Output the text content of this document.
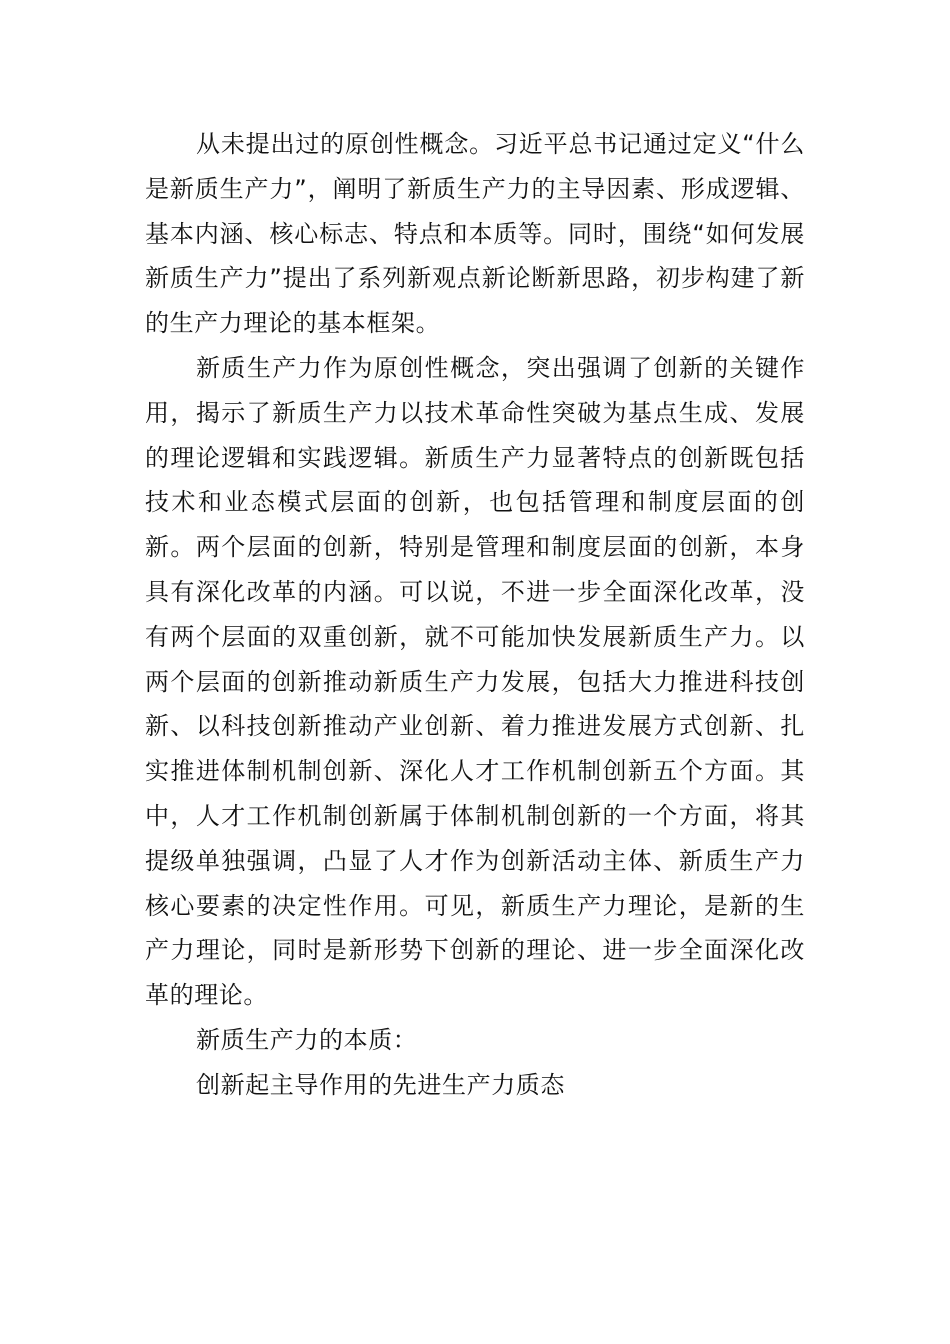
从未提出过的原创性概念。习近平总书记通过定义“什么是新质生产力”，阐明了新质生产力的主导因素、形成逻辑、基本内涵、核心标志、特点和本质等。同时，围绕“如何发展新质生产力”提出了系列新观点新论断新思路，初步构建了新的生产力理论的基本框架。

新质生产力作为原创性概念，突出强调了创新的关键作用，揭示了新质生产力以技术革命性突破为基点生成、发展的理论逻辑和实践逻辑。新质生产力显著特点的创新既包括技术和业态模式层面的创新，也包括管理和制度层面的创新。两个层面的创新，特别是管理和制度层面的创新，本身具有深化改革的内涵。可以说，不进一步全面深化改革，没有两个层面的双重创新，就不可能加快发展新质生产力。以两个层面的创新推动新质生产力发展，包括大力推进科技创新、以科技创新推动产业创新、着力推进发展方式创新、扎实推进体制机制创新、深化人才工作机制创新五个方面。其中，人才工作机制创新属于体制机制创新的一个方面，将其提级单独强调，凸显了人才作为创新活动主体、新质生产力核心要素的决定性作用。可见，新质生产力理论，是新的生产力理论，同时是新形势下创新的理论、进一步全面深化改革的理论。

新质生产力的本质：

创新起主导作用的先进生产力质态
